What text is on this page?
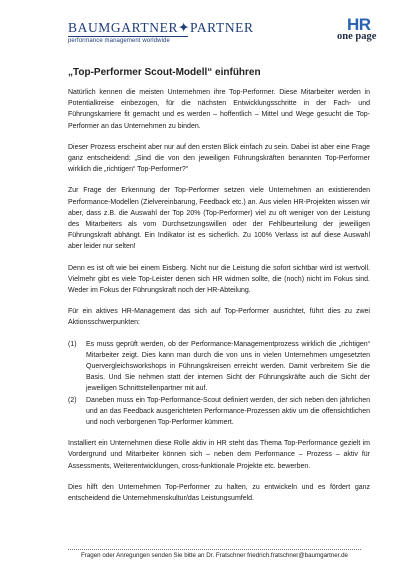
BAUMGARTNER✦PARTNER
performance management worldwide
HR
one page
„Top-Performer Scout-Modell“ einführen

Natürlich kennen die meisten Unternehmen ihre Top-Performer. Diese Mitarbeiter werden in Potentialkreise einbezogen, für die nächsten Entwicklungsschritte in der Fach- und Führungskarriere fit gemacht und es werden – hoffentlich – Mittel und Wege gesucht die Top-Performer an das Unternehmen zu binden.

Dieser Prozess erscheint aber nur auf den ersten Blick einfach zu sein. Dabei ist aber eine Frage ganz entscheidend: „Sind die von den jeweiligen Führungskräften benannten Top-Performer wirklich die „richtigen“ Top-Performer?“

Zur Frage der Erkennung der Top-Performer setzen viele Unternehmen an existierenden Performance-Modellen (Zielvereinbarung, Feedback etc.) an. Aus vielen HR-Projekten wissen wir aber, dass z.B. die Auswahl der Top 20% (Top-Performer) viel zu oft weniger von der Leistung des Mitarbeiters als vom Durchsetzungswillen oder der Fehlbeurteilung der jeweiligen Führungskraft abhängt. Ein Indikator ist es sicherlich. Zu 100% Verlass ist auf diese Auswahl aber leider nur selten!

Denn es ist oft wie bei einem Eisberg. Nicht nur die Leistung die sofort sichtbar wird ist wertvoll. Vielmehr gibt es viele Top-Leister denen sich HR widmen sollte, die (noch) nicht im Fokus sind. Weder im Fokus der Führungskraft noch der HR-Abteilung.

Für ein aktives HR-Management das sich auf Top-Performer ausrichtet, führt dies zu zwei Aktionsschwerpunkten:

(1) Es muss geprüft werden, ob der Performance-Managementprozess wirklich die „richtigen“ Mitarbeiter zeigt. Dies kann man durch die von uns in vielen Unternehmen umgesetzten Quervergleichsworkshops in Führungskreisen erreicht werden. Damit verbreitern Sie die Basis. Und Sie nehmen statt der internen Sicht der Führungskräfte auch die Sicht der jeweiligen Schnittstellenpartner mit auf.
(2) Daneben muss ein Top-Performance-Scout definiert werden, der sich neben den jährlichen und an das Feedback ausgerichteten Performance-Prozessen aktiv um die offensichtlichen und noch verborgenen Top-Performer kümmert.

Installiert ein Unternehmen diese Rolle aktiv in HR steht das Thema Top-Performance gezielt im Vordergrund und Mitarbeiter können sich – neben dem Performance – Prozess – aktiv für Assessments, Weiterentwicklungen, cross-funktionale Projekte etc. bewerben.

Dies hilft den Unternehmen Top-Performer zu halten, zu entwickeln und es fördert ganz entscheidend die Unternehmenskultur/das Leistungsumfeld.

Fragen oder Anregungen senden Sie bitte an Dr. Fratschner friedrich.fratschner@baumgartner.de
